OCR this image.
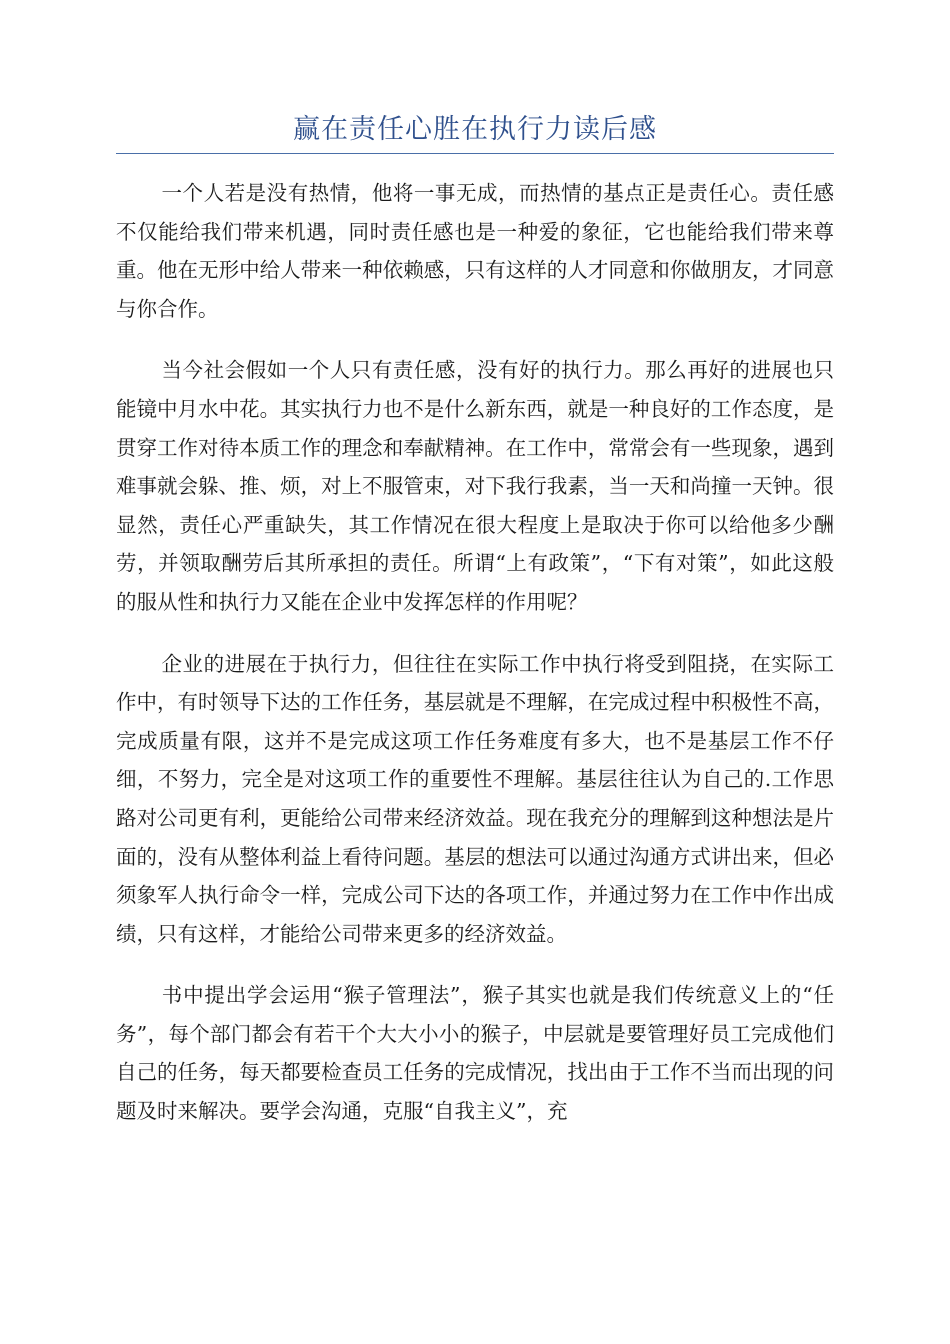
赢在责任心胜在执行力读后感

一个人若是没有热情，他将一事无成，而热情的基点正是责任心。责任感不仅能给我们带来机遇，同时责任感也是一种爱的象征，它也能给我们带来尊重。他在无形中给人带来一种依赖感，只有这样的人才同意和你做朋友，才同意与你合作。

当今社会假如一个人只有责任感，没有好的执行力。那么再好的进展也只能镜中月水中花。其实执行力也不是什么新东西，就是一种良好的工作态度，是贯穿工作对待本质工作的理念和奉献精神。在工作中，常常会有一些现象，遇到难事就会躲、推、烦，对上不服管束，对下我行我素，当一天和尚撞一天钟。很显然，责任心严重缺失，其工作情况在很大程度上是取决于你可以给他多少酬劳，并领取酬劳后其所承担的责任。所谓“上有政策”，“下有对策”，如此这般的服从性和执行力又能在企业中发挥怎样的作用呢？

企业的进展在于执行力，但往往在实际工作中执行将受到阻挠，在实际工作中，有时领导下达的工作任务，基层就是不理解，在完成过程中积极性不高，完成质量有限，这并不是完成这项工作任务难度有多大，也不是基层工作不仔细，不努力，完全是对这项工作的重要性不理解。基层往往认为自己的.工作思路对公司更有利，更能给公司带来经济效益。现在我充分的理解到这种想法是片面的，没有从整体利益上看待问题。基层的想法可以通过沟通方式讲出来，但必须象军人执行命令一样，完成公司下达的各项工作，并通过努力在工作中作出成绩，只有这样，才能给公司带来更多的经济效益。

书中提出学会运用“猴子管理法”，猴子其实也就是我们传统意义上的“任务”，每个部门都会有若干个大大小小的猴子，中层就是要管理好员工完成他们自己的任务，每天都要检查员工任务的完成情况，找出由于工作不当而出现的问题及时来解决。要学会沟通，克服“自我主义”，充
